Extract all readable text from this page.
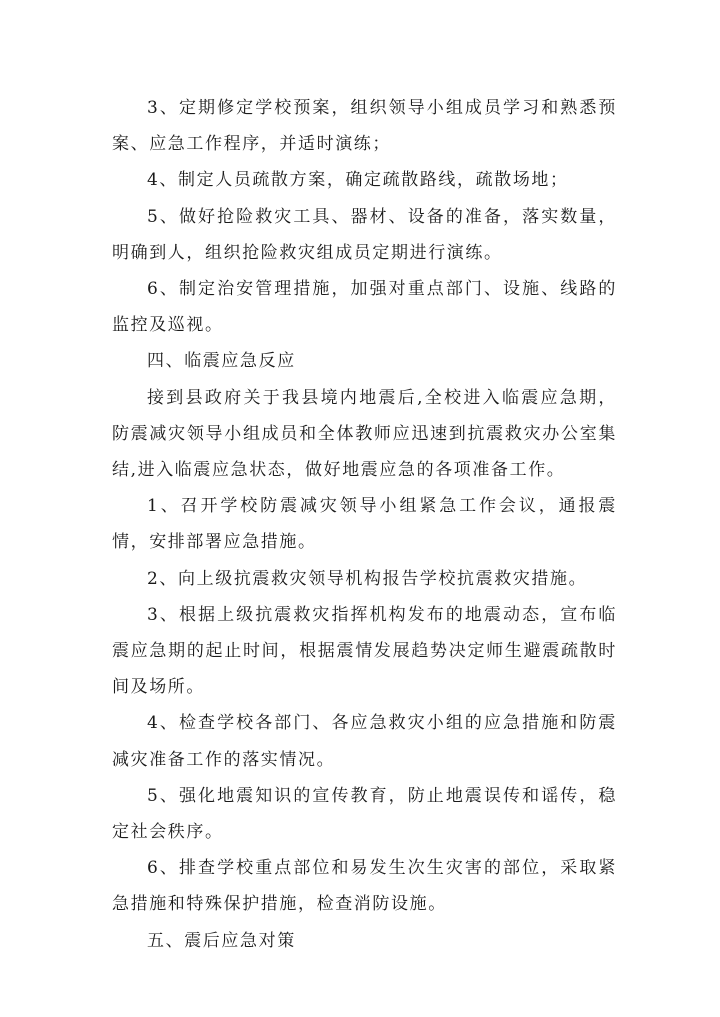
3、定期修定学校预案，组织领导小组成员学习和熟悉预案、应急工作程序，并适时演练；

4、制定人员疏散方案，确定疏散路线，疏散场地；

5、做好抢险救灾工具、器材、设备的准备，落实数量，明确到人，组织抢险救灾组成员定期进行演练。

6、制定治安管理措施，加强对重点部门、设施、线路的监控及巡视。

四、临震应急反应

接到县政府关于我县境内地震后,全校进入临震应急期，防震减灾领导小组成员和全体教师应迅速到抗震救灾办公室集结,进入临震应急状态，做好地震应急的各项准备工作。

1、召开学校防震减灾领导小组紧急工作会议，通报震情，安排部署应急措施。

2、向上级抗震救灾领导机构报告学校抗震救灾措施。

3、根据上级抗震救灾指挥机构发布的地震动态，宣布临震应急期的起止时间，根据震情发展趋势决定师生避震疏散时间及场所。

4、检查学校各部门、各应急救灾小组的应急措施和防震减灾准备工作的落实情况。

5、强化地震知识的宣传教育，防止地震误传和谣传，稳定社会秩序。

6、排查学校重点部位和易发生次生灾害的部位，采取紧急措施和特殊保护措施，检查消防设施。

五、震后应急对策
